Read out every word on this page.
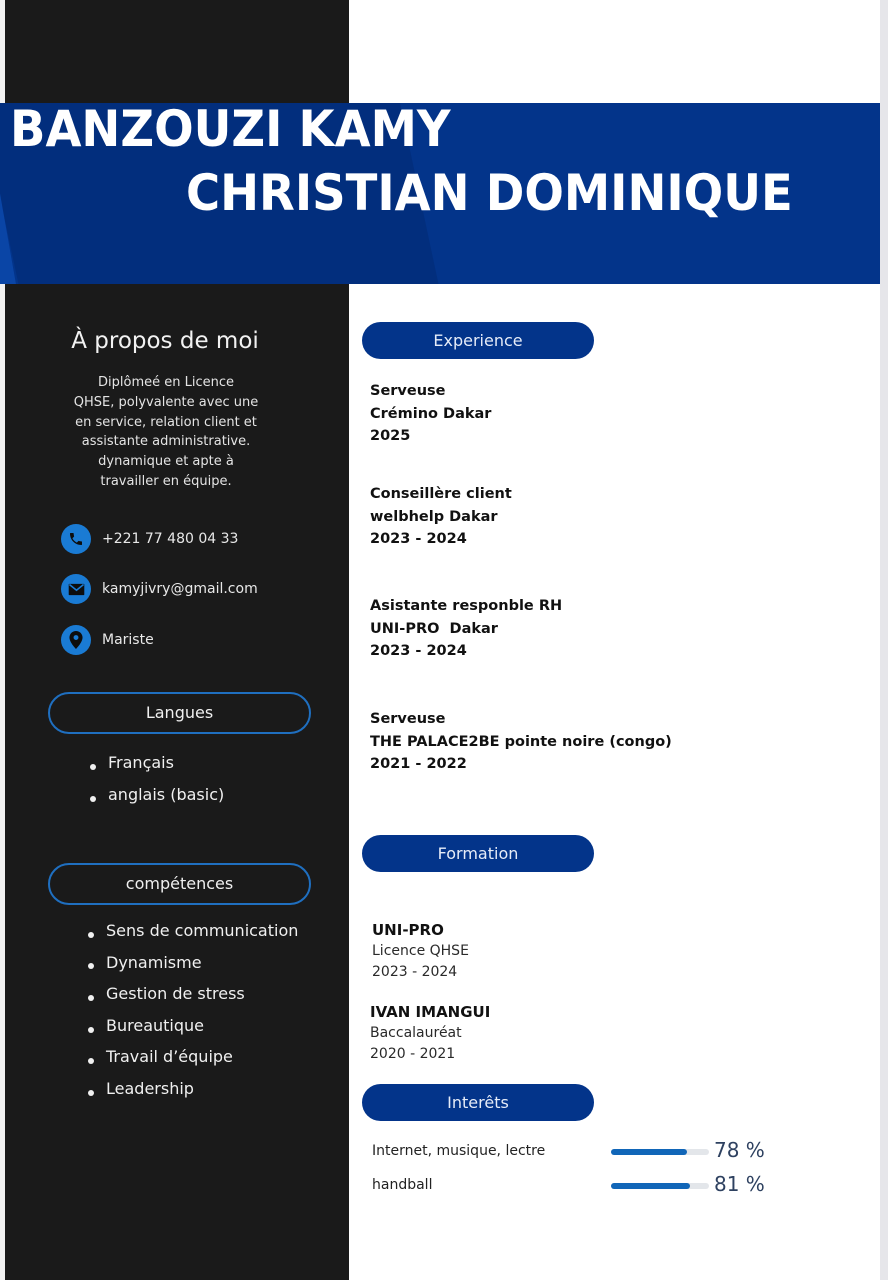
BANZOUZI KAMY
CHRISTIAN DOMINIQUE
À propos de moi
Diplômeé en Licence
QHSE, polyvalente avec une
en service, relation client et
assistante administrative.
dynamique et apte à
travailler en équipe.
+221 77 480 04 33
kamyjivry@gmail.com
Mariste
Langues
Français
anglais (basic)
compétences
Sens de communication
Dynamisme
Gestion de stress
Bureautique
Travail d’équipe
Leadership
Experience
Serveuse
Crémino Dakar
2025
Conseillère client
welbhelp Dakar
2023 - 2024
Asistante responble RH
UNI-PRO  Dakar
2023 - 2024
Serveuse
THE PALACE2BE pointe noire (congo)
2021 - 2022
Formation
UNI-PRO
Licence QHSE
2023 - 2024
IVAN IMANGUI
Baccalauréat
2020 - 2021
Interêts
Internet, musique, lectre	78 %
handball	81 %
